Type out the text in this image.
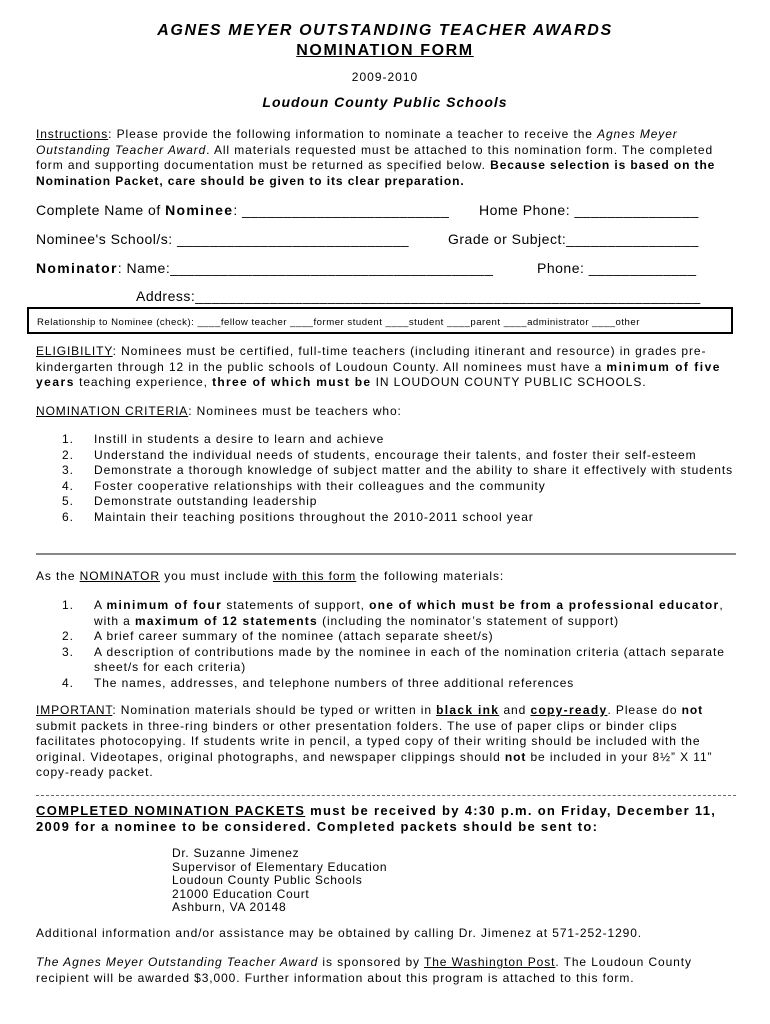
AGNES MEYER OUTSTANDING TEACHER AWARDS
NOMINATION FORM
2009-2010
Loudoun County Public Schools
Instructions: Please provide the following information to nominate a teacher to receive the Agnes Meyer Outstanding Teacher Award. All materials requested must be attached to this nomination form. The completed form and supporting documentation must be returned as specified below. Because selection is based on the Nomination Packet, care should be given to its clear preparation.
Complete Name of Nominee: _________________________ Home Phone: _______________
Nominee's School/s: ____________________________	Grade or Subject:________________
Nominator: Name:_______________________________________	Phone: _____________
Address:_____________________________________________________________
Relationship to Nominee (check): ____fellow teacher ____former student ____student ____parent ____administrator ____other
ELIGIBILITY: Nominees must be certified, full-time teachers (including itinerant and resource) in grades pre-kindergarten through 12 in the public schools of Loudoun County. All nominees must have a minimum of five years teaching experience, three of which must be IN LOUDOUN COUNTY PUBLIC SCHOOLS.
NOMINATION CRITERIA: Nominees must be teachers who:
1. Instill in students a desire to learn and achieve
2. Understand the individual needs of students, encourage their talents, and foster their self-esteem
3. Demonstrate a thorough knowledge of subject matter and the ability to share it effectively with students
4. Foster cooperative relationships with their colleagues and the community
5. Demonstrate outstanding leadership
6. Maintain their teaching positions throughout the 2010-2011 school year
As the NOMINATOR you must include with this form the following materials:
1. A minimum of four statements of support, one of which must be from a professional educator, with a maximum of 12 statements (including the nominator’s statement of support)
2. A brief career summary of the nominee (attach separate sheet/s)
3. A description of contributions made by the nominee in each of the nomination criteria (attach separate sheet/s for each criteria)
4. The names, addresses, and telephone numbers of three additional references
IMPORTANT: Nomination materials should be typed or written in black ink and copy-ready. Please do not submit packets in three-ring binders or other presentation folders. The use of paper clips or binder clips facilitates photocopying. If students write in pencil, a typed copy of their writing should be included with the original. Videotapes, original photographs, and newspaper clippings should not be included in your 8½” X 11” copy-ready packet.
COMPLETED NOMINATION PACKETS must be received by 4:30 p.m. on Friday, December 11, 2009 for a nominee to be considered. Completed packets should be sent to:
Dr. Suzanne Jimenez
Supervisor of Elementary Education
Loudoun County Public Schools
21000 Education Court
Ashburn, VA 20148
Additional information and/or assistance may be obtained by calling Dr. Jimenez at 571-252-1290.
The Agnes Meyer Outstanding Teacher Award is sponsored by The Washington Post. The Loudoun County recipient will be awarded $3,000. Further information about this program is attached to this form.
